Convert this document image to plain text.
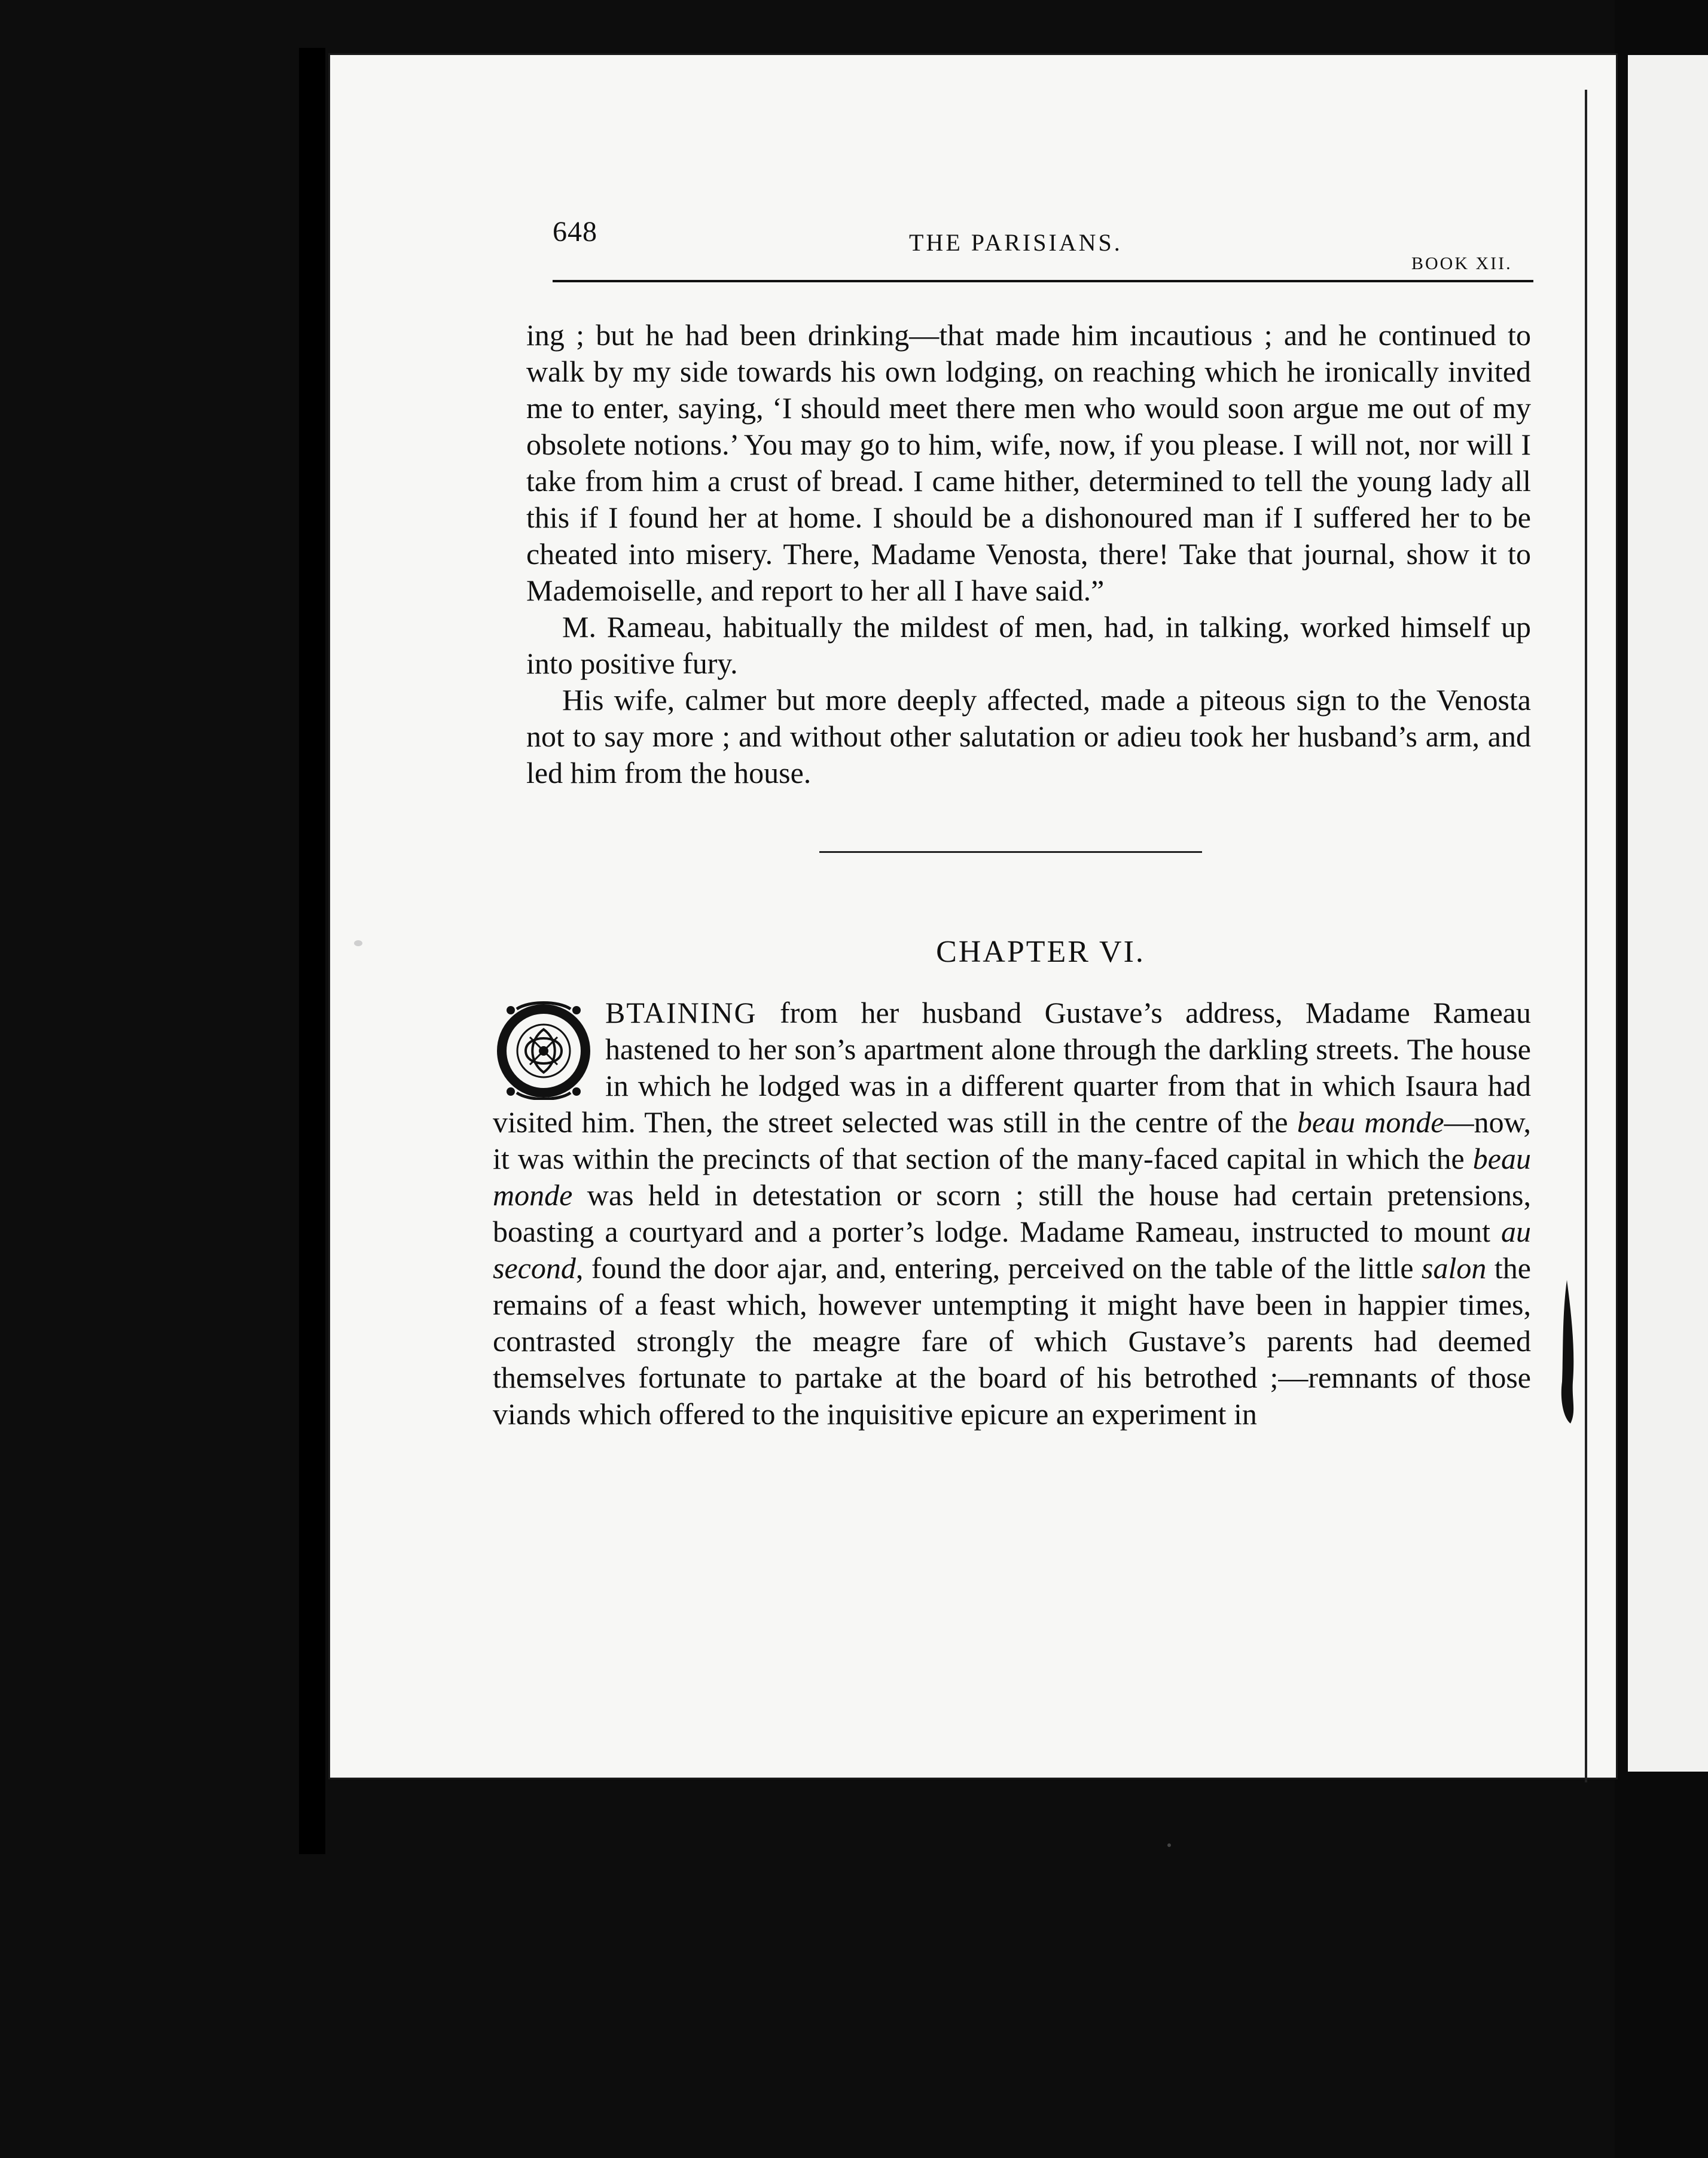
648	THE PARISIANS.
BOOK XII.

ing ; but he had been drinking—that made him incautious ; and he continued to walk by my side towards his own lodging, on reaching which he ironically invited me to enter, saying, ‘I should meet there men who would soon argue me out of my obsolete notions.’ You may go to him, wife, now, if you please. I will not, nor will I take from him a crust of bread. I came hither, determined to tell the young lady all this if I found her at home. I should be a dishonoured man if I suffered her to be cheated into misery. There, Madame Venosta, there! Take that journal, show it to Mademoiselle, and report to her all I have said.”

M. Rameau, habitually the mildest of men, had, in talking, worked himself up into positive fury.

His wife, calmer but more deeply affected, made a piteous sign to the Venosta not to say more ; and without other salutation or adieu took her husband’s arm, and led him from the house.

CHAPTER VI.
BTAINING from her husband Gustave’s address, Madame Rameau hastened to her son’s apartment alone through the darkling streets. The house in which he lodged was in a different quarter from that in which Isaura had visited him. Then, the street selected was still in the centre of the beau monde—now, it was within the precincts of that section of the many-faced capital in which the beau monde was held in detestation or scorn ; still the house had certain pretensions, boasting a courtyard and a porter’s lodge. Madame Rameau, instructed to mount au second, found the door ajar, and, entering, perceived on the table of the little salon the remains of a feast which, however untempting it might have been in happier times, contrasted strongly the meagre fare of which Gustave’s parents had deemed themselves fortunate to partake at the board of his betrothed ;—remnants of those viands which offered to the inquisitive epicure an experiment in
